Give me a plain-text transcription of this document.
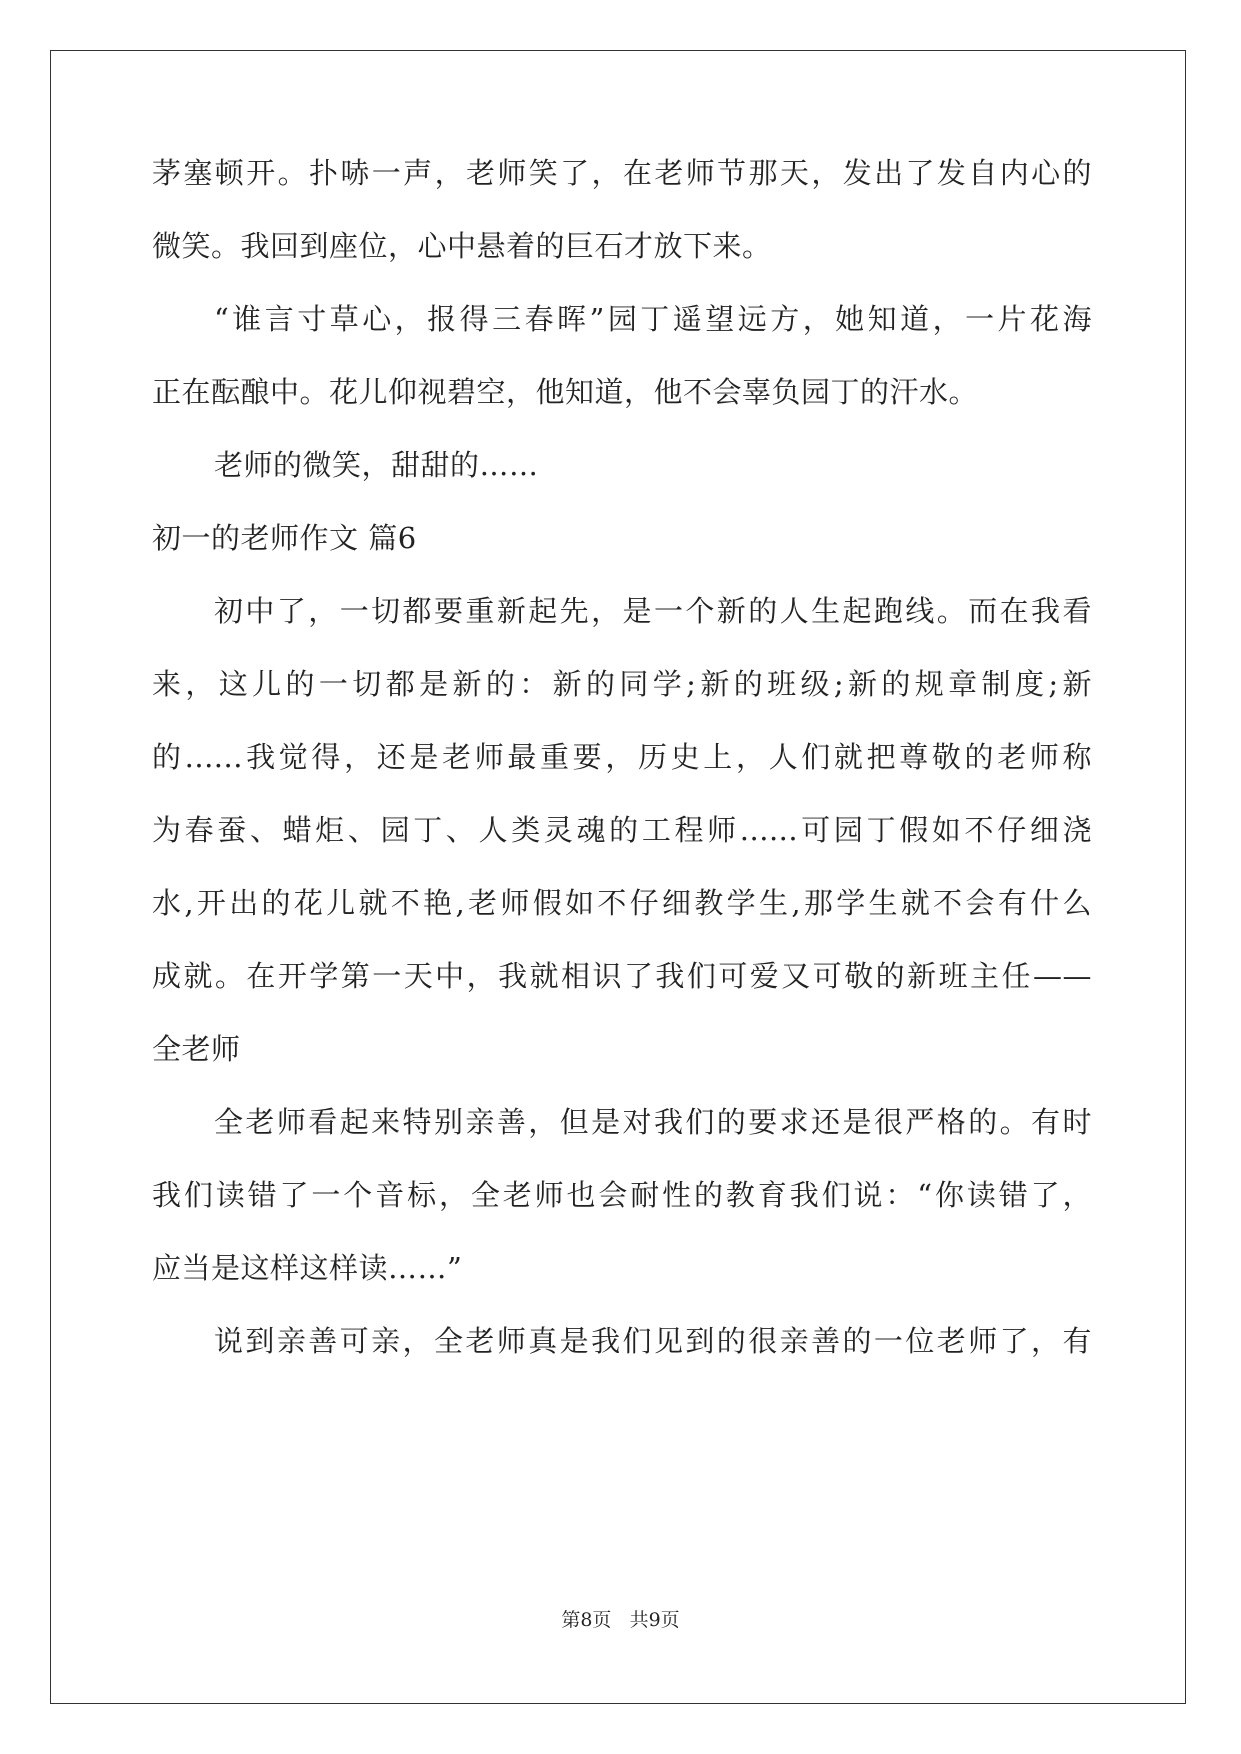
茅塞顿开。扑哧一声，老师笑了，在老师节那天，发出了发自内心的
微笑。我回到座位，心中悬着的巨石才放下来。
“谁言寸草心，报得三春晖”园丁遥望远方，她知道，一片花海
正在酝酿中。花儿仰视碧空，他知道，他不会辜负园丁的汗水。
老师的微笑，甜甜的……
初一的老师作文 篇6
初中了，一切都要重新起先，是一个新的人生起跑线。而在我看
来，这儿的一切都是新的：新的同学;新的班级;新的规章制度;新
的......我觉得，还是老师最重要，历史上，人们就把尊敬的老师称
为春蚕、蜡炬、园丁、人类灵魂的工程师......可园丁假如不仔细浇
水,开出的花儿就不艳,老师假如不仔细教学生,那学生就不会有什么
成就。在开学第一天中，我就相识了我们可爱又可敬的新班主任——
全老师
全老师看起来特别亲善，但是对我们的要求还是很严格的。有时
我们读错了一个音标，全老师也会耐性的教育我们说：“你读错了，
应当是这样这样读……”
说到亲善可亲，全老师真是我们见到的很亲善的一位老师了，有
第8页 共9页
